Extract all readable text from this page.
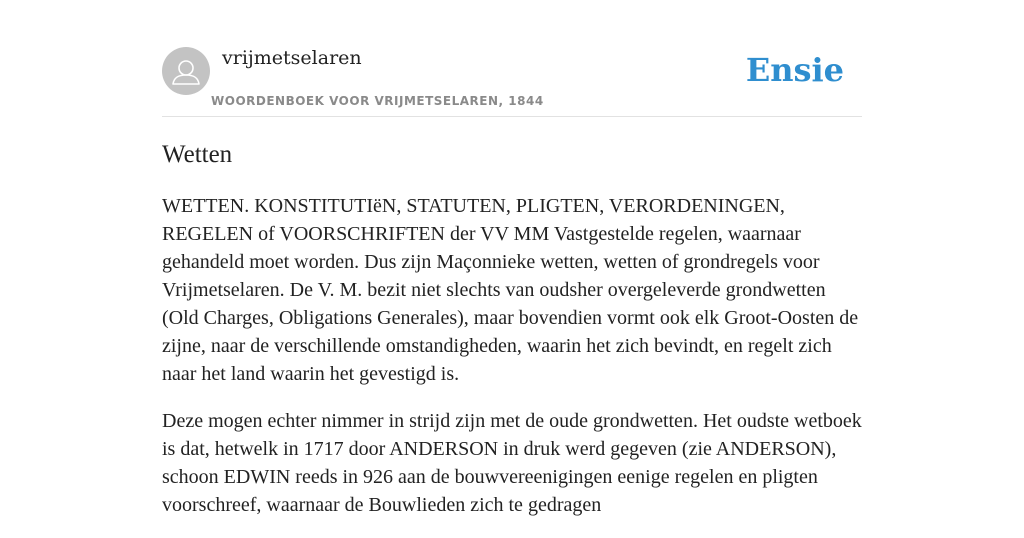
vrijmetselaren
WOORDENBOEK VOOR VRIJMETSELAREN, 1844
Ensie
Wetten

WETTEN. KONSTITUTIëN, STATUTEN, PLIGTEN, VERORDENINGEN, REGELEN of VOORSCHRIFTEN der VV MM Vastgestelde regelen, waarnaar gehandeld moet worden. Dus zijn Maçonnieke wetten, wetten of grondregels voor Vrijmetselaren. De V. M. bezit niet slechts van oudsher overgeleverde grondwetten (Old Charges, Obligations Generales), maar bovendien vormt ook elk Groot-Oosten de zijne, naar de verschillende omstandigheden, waarin het zich bevindt, en regelt zich naar het land waarin het gevestigd is.

Deze mogen echter nimmer in strijd zijn met de oude grondwetten. Het oudste wetboek is dat, hetwelk in 1717 door ANDERSON in druk werd gegeven (zie ANDERSON), schoon EDWIN reeds in 926 aan de bouwvereenigingen eenige regelen en pligten voorschreef, waarnaar de Bouwlieden zich te gedragen
